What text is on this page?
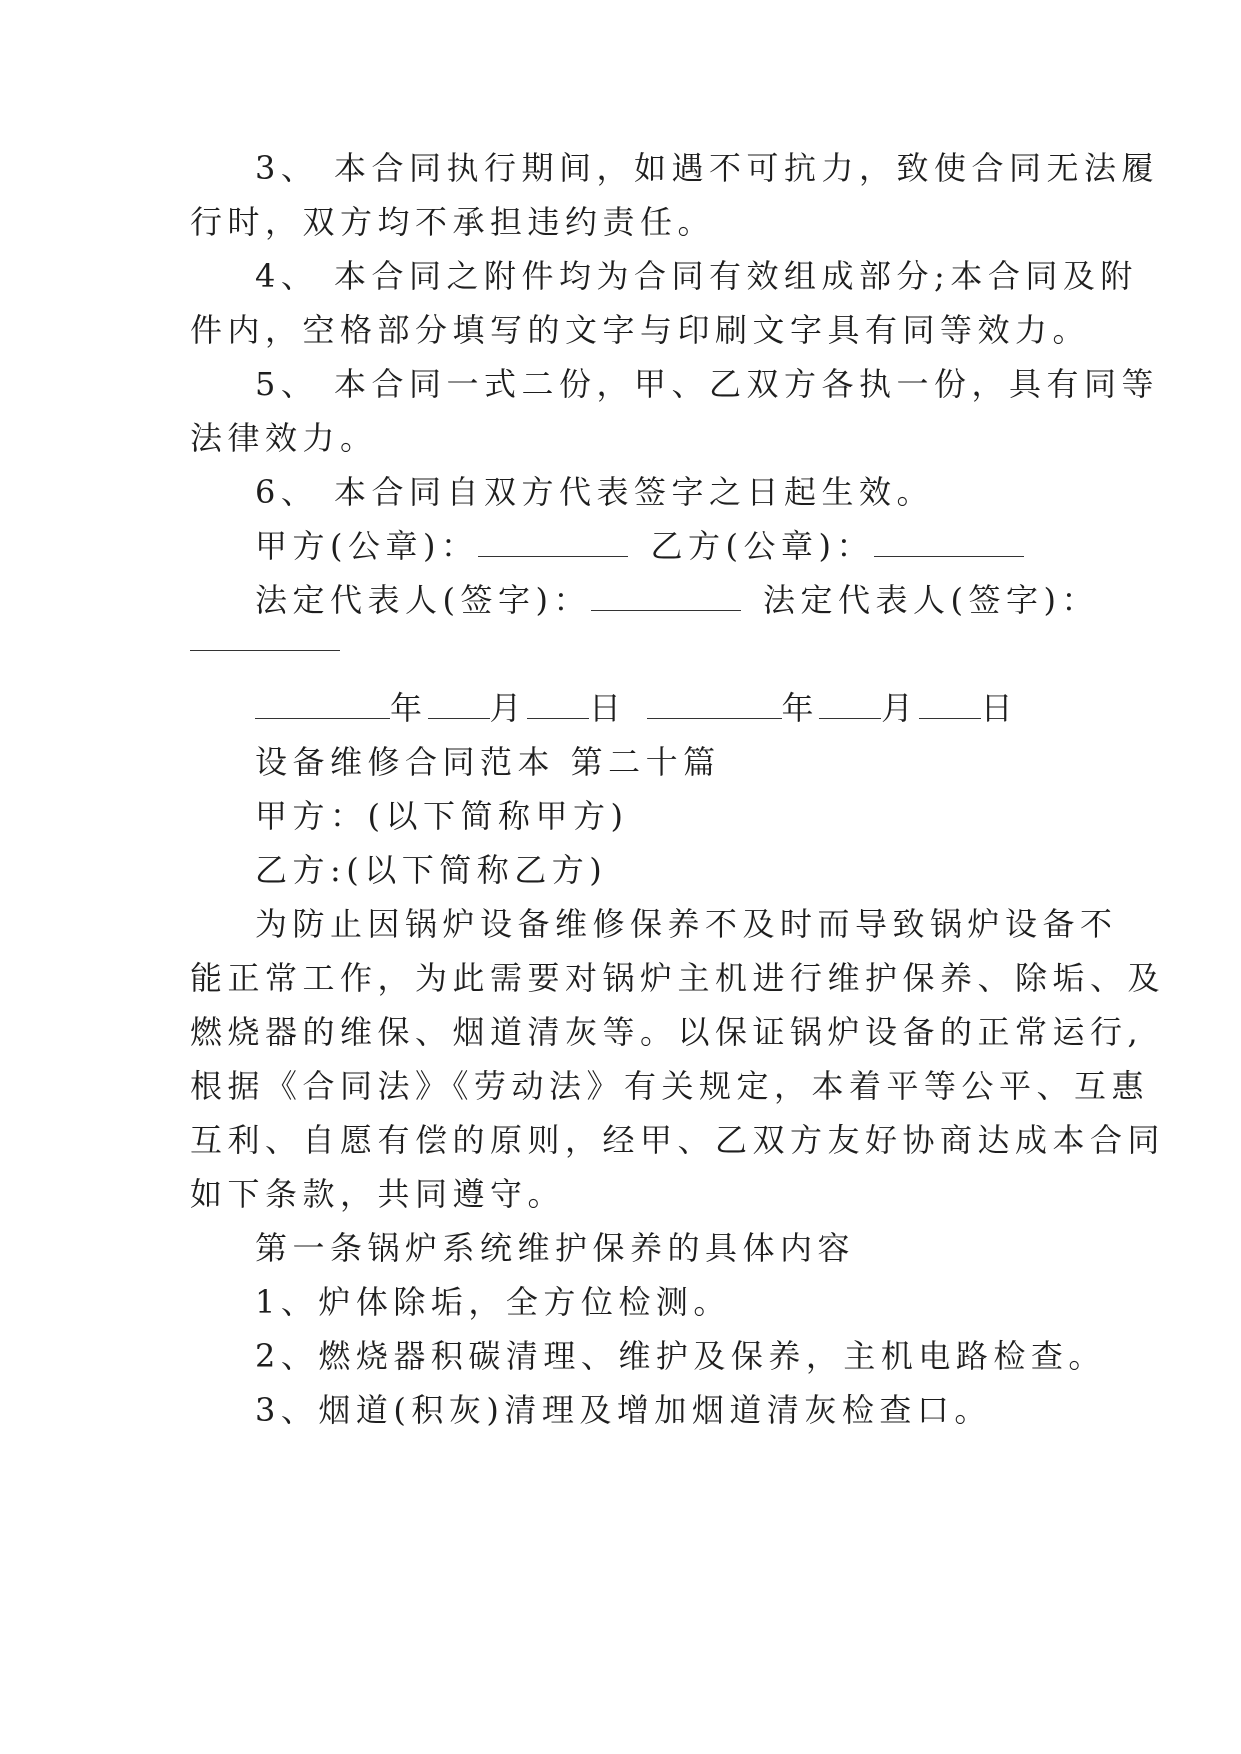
3、 本合同执行期间，如遇不可抗力，致使合同无法履
行时，双方均不承担违约责任。
4、 本合同之附件均为合同有效组成部分;本合同及附
件内，空格部分填写的文字与印刷文字具有同等效力。
5、 本合同一式二份，甲、乙双方各执一份，具有同等
法律效力。
6、 本合同自双方代表签字之日起生效。
甲方(公章)：	乙方(公章)：
法定代表人(签字)：	法定代表人(签字)：
年 月 日	年 月 日
设备维修合同范本 第二十篇
甲方：(以下简称甲方)
乙方:(以下简称乙方)
为防止因锅炉设备维修保养不及时而导致锅炉设备不
能正常工作，为此需要对锅炉主机进行维护保养、除垢、及
燃烧器的维保、烟道清灰等。以保证锅炉设备的正常运行,
根据《合同法》《劳动法》有关规定，本着平等公平、互惠
互利、自愿有偿的原则，经甲、乙双方友好协商达成本合同
如下条款，共同遵守。
第一条锅炉系统维护保养的具体内容
1、炉体除垢，全方位检测。
2、燃烧器积碳清理、维护及保养，主机电路检查。
3、烟道(积灰)清理及增加烟道清灰检查口。
